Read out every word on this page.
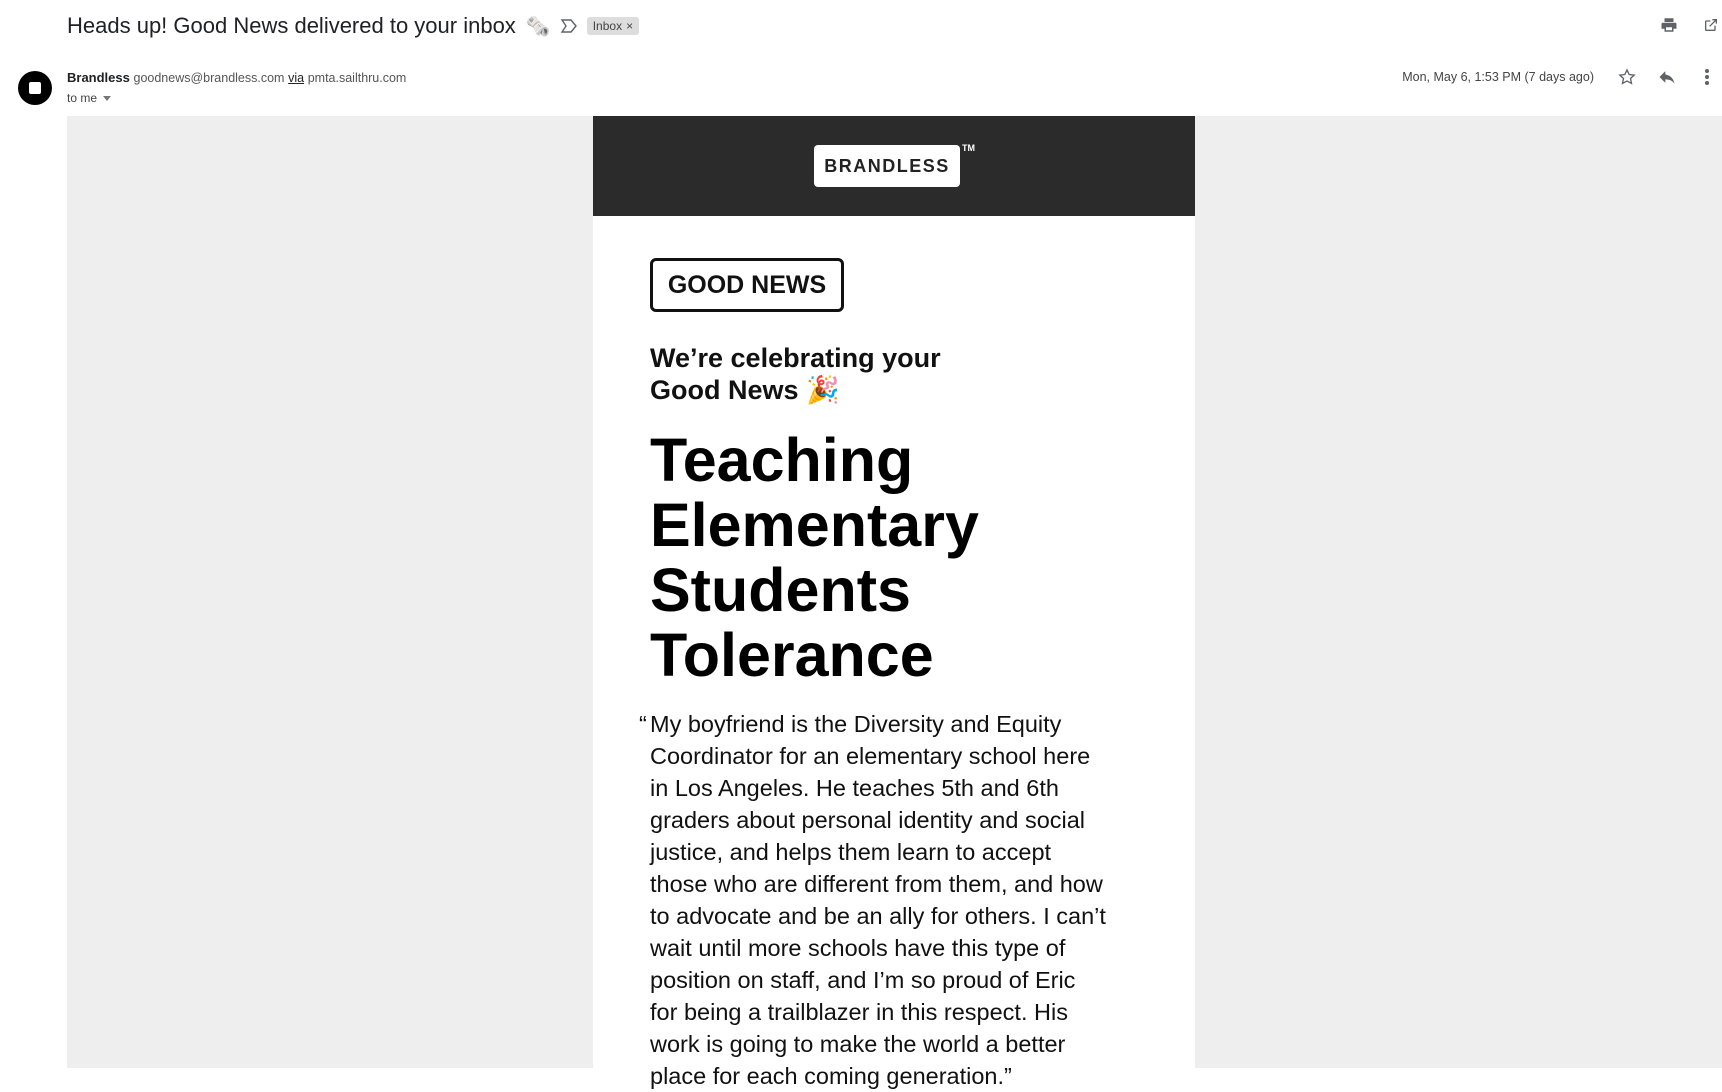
Heads up! Good News delivered to your inbox 🗞️	Inbox ×
Brandless goodnews@brandless.com via pmta.sailthru.com
to me
Mon, May 6, 1:53 PM (7 days ago)
BRANDLESS
TM
GOOD NEWS
We’re celebrating your
Good News 🎉
Teaching
Elementary
Students
Tolerance
“ My boyfriend is the Diversity and Equity
Coordinator for an elementary school here
in Los Angeles. He teaches 5th and 6th
graders about personal identity and social
justice, and helps them learn to accept
those who are different from them, and how
to advocate and be an ally for others. I can’t
wait until more schools have this type of
position on staff, and I’m so proud of Eric
for being a trailblazer in this respect. His
work is going to make the world a better
place for each coming generation.”
